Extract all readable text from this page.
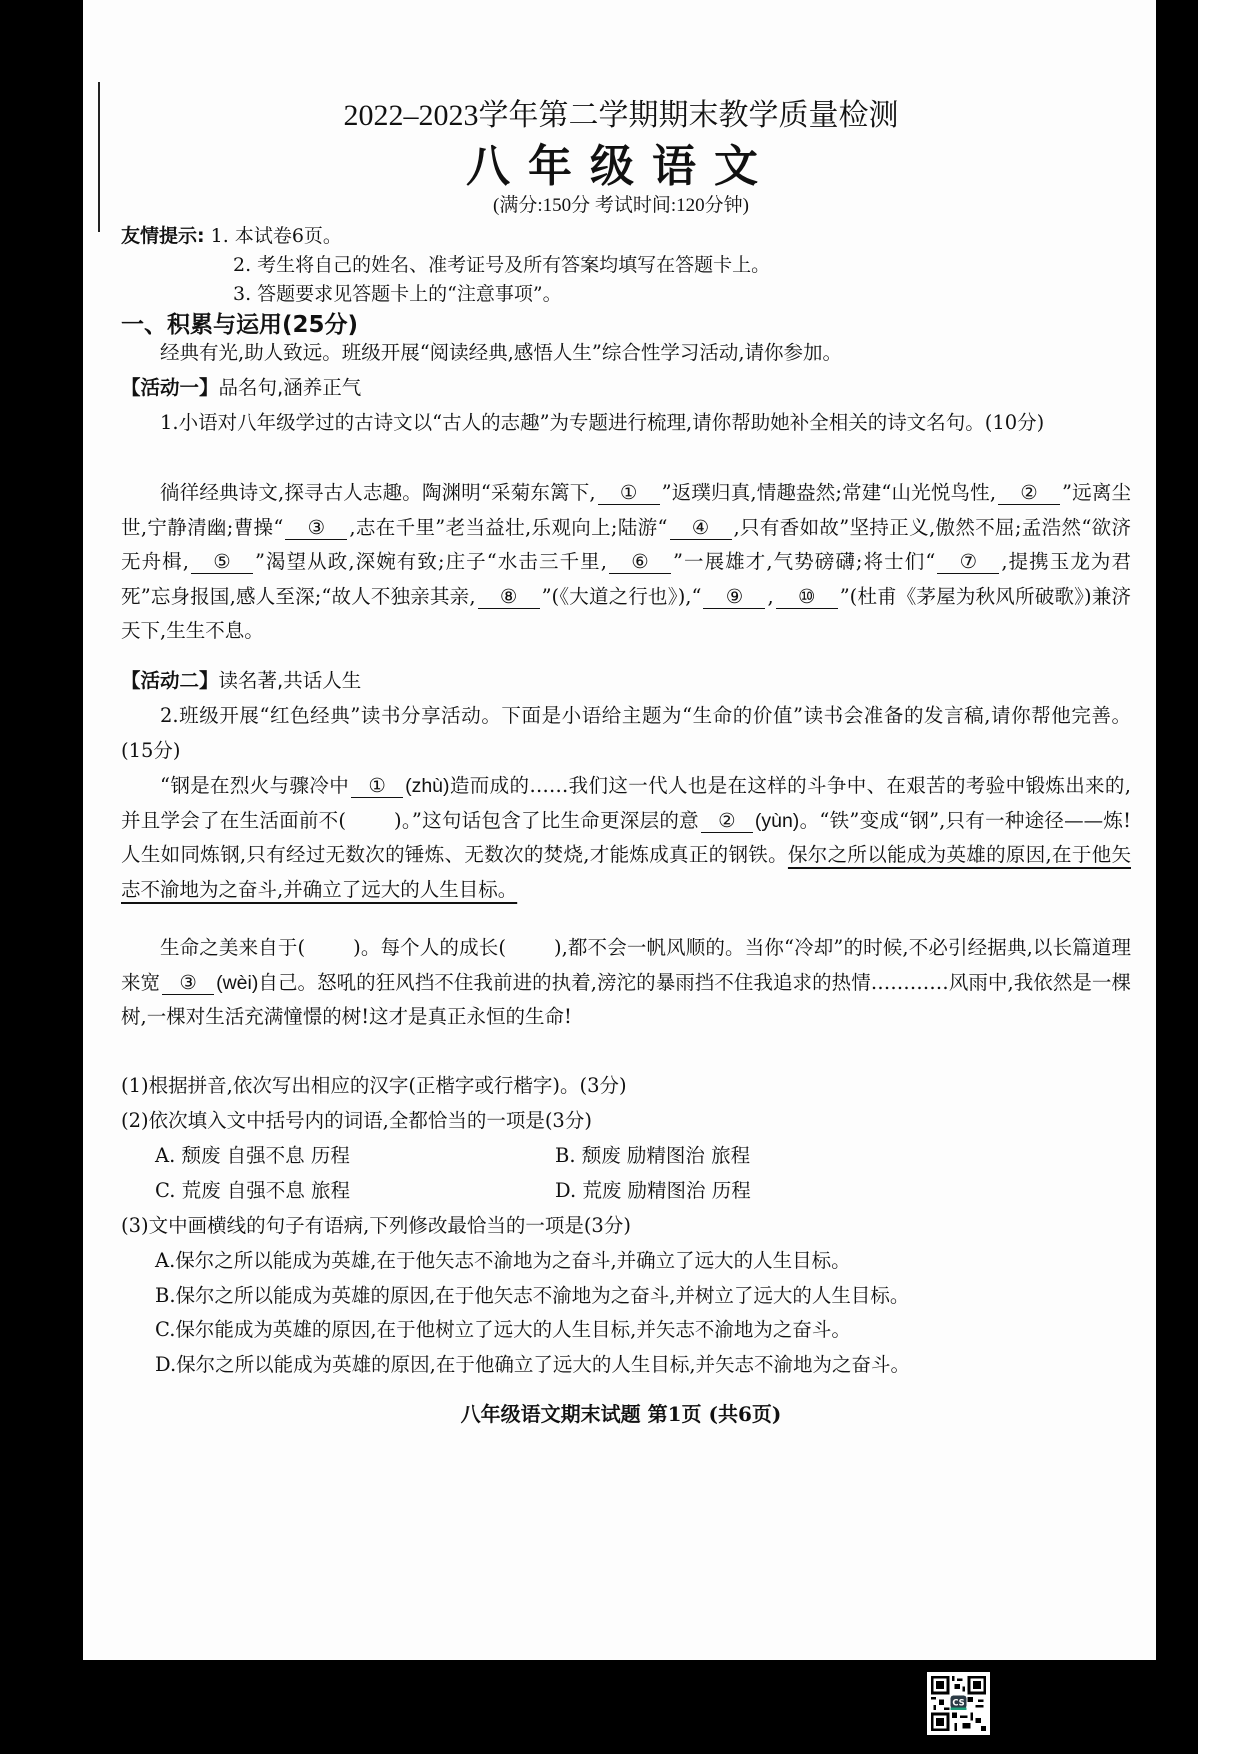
2022–2023学年第二学期期末教学质量检测
八年级语文
(满分:150分 考试时间:120分钟)
友情提示: 1. 本试卷6页。
2. 考生将自己的姓名、准考证号及所有答案均填写在答题卡上。
3. 答题要求见答题卡上的“注意事项”。
一、积累与运用(25分)
经典有光,助人致远。班级开展“阅读经典,感悟人生”综合性学习活动,请你参加。
【活动一】品名句,涵养正气
1.小语对八年级学过的古诗文以“古人的志趣”为专题进行梳理,请你帮助她补全相关的诗文名句。(10分)
徜徉经典诗文,探寻古人志趣。陶渊明“采菊东篱下, ① ”返璞归真,情趣盎然;常建“山光悦鸟性, ② ”远离尘世,宁静清幽;曹操“ ③ ,志在千里”老当益壮,乐观向上;陆游“ ④ ,只有香如故”坚持正义,傲然不屈;孟浩然“欲济无舟楫, ⑤ ”渴望从政,深婉有致;庄子“水击三千里, ⑥ ”一展雄才,气势磅礴;将士们“ ⑦ ,提携玉龙为君死”忘身报国,感人至深;“故人不独亲其亲, ⑧ ”(《大道之行也》),“ ⑨ , ⑩ ”(杜甫《茅屋为秋风所破歌》)兼济天下,生生不息。
【活动二】读名著,共话人生
2.班级开展“红色经典”读书分享活动。下面是小语给主题为“生命的价值”读书会准备的发言稿,请你帮他完善。(15分)
“钢是在烈火与骤冷中 ① (zhù)造而成的……我们这一代人也是在这样的斗争中、在艰苦的考验中锻炼出来的,并且学会了在生活面前不( )。”这句话包含了比生命更深层的意 ② (yùn)。“铁”变成“钢”,只有一种途径——炼!人生如同炼钢,只有经过无数次的锤炼、无数次的焚烧,才能炼成真正的钢铁。保尔之所以能成为英雄的原因,在于他矢志不渝地为之奋斗,并确立了远大的人生目标。
生命之美来自于( )。每个人的成长( ),都不会一帆风顺的。当你“冷却”的时候,不必引经据典,以长篇道理来宽 ③ (wèi)自己。怒吼的狂风挡不住我前进的执着,滂沱的暴雨挡不住我追求的热情…………风雨中,我依然是一棵树,一棵对生活充满憧憬的树!这才是真正永恒的生命!
(1)根据拼音,依次写出相应的汉字(正楷字或行楷字)。(3分)
(2)依次填入文中括号内的词语,全都恰当的一项是(3分)
A. 颓废 自强不息 历程	B. 颓废 励精图治 旅程
C. 荒废 自强不息 旅程	D. 荒废 励精图治 历程
(3)文中画横线的句子有语病,下列修改最恰当的一项是(3分)
A.保尔之所以能成为英雄,在于他矢志不渝地为之奋斗,并确立了远大的人生目标。
B.保尔之所以能成为英雄的原因,在于他矢志不渝地为之奋斗,并树立了远大的人生目标。
C.保尔能成为英雄的原因,在于他树立了远大的人生目标,并矢志不渝地为之奋斗。
D.保尔之所以能成为英雄的原因,在于他确立了远大的人生目标,并矢志不渝地为之奋斗。
八年级语文期末试题 第1页 (共6页)
CS
